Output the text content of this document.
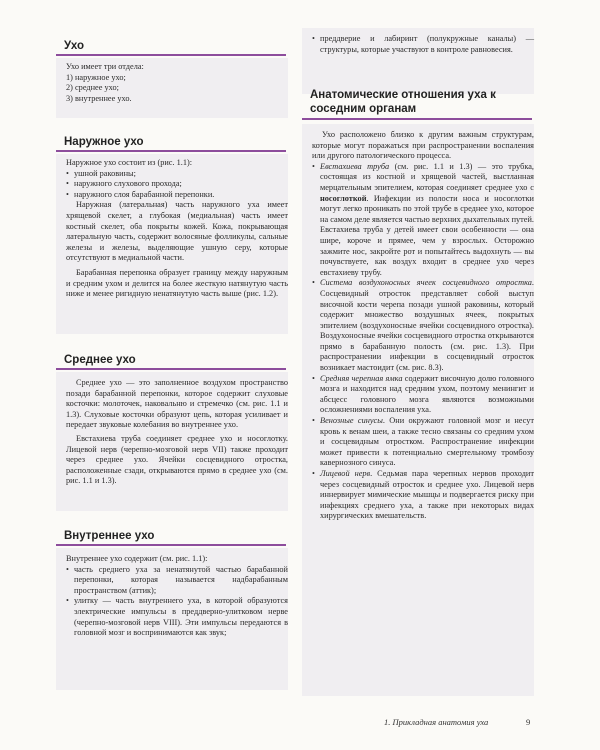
Ухо
Ухо имеет три отдела:
1) наружное ухо;
2) среднее ухо;
3) внутреннее ухо.
Наружное ухо

Наружное ухо состоит из (рис. 1.1):

• ушной раковины;
• наружного слухового прохода;
• наружного слоя барабанной перепонки.

Наружная (латеральная) часть наружного уха имеет хрящевой скелет, а глубокая (медиальная) часть имеет костный скелет, оба покрыты кожей. Кожа, покрывающая латеральную часть, содержит волосяные фолликулы, сальные железы и железы, выделяющие ушную серу, которые отсутствуют в медиальной части.

Барабанная перепонка образует границу между наружным и средним ухом и делится на более жесткую натянутую часть ниже и менее ригидную ненатянутую часть выше (рис. 1.2).

Среднее ухо

Среднее ухо — это заполненное воздухом пространство позади барабанной перепонки, которое содержит слуховые косточки: молоточек, наковальню и стремечко (см. рис. 1.1 и 1.3). Слуховые косточки образуют цепь, которая усиливает и передает звуковые колебания во внутреннее ухо.

Евстахиева труба соединяет среднее ухо и носоглотку. Лицевой нерв (черепно-мозговой нерв VII) также проходит через среднее ухо. Ячейки сосцевидного отростка, расположенные сзади, открываются прямо в среднее ухо (см. рис. 1.1 и 1.3).

Внутреннее ухо

Внутреннее ухо содержит (см. рис. 1.1):

• часть среднего уха за ненатянутой частью барабанной перепонки, которая называется надбарабанным пространством (аттик);
• улитку — часть внутреннего уха, в которой образуются электрические импульсы в преддверно-улитковом нерве (черепно-мозговой нерв VIII). Эти импульсы передаются в головной мозг и воспринимаются как звук;
• преддверие и лабиринт (полукружные каналы) — структуры, которые участвуют в контроле равновесия.
Анатомические отношения уха к соседним органам

Ухо расположено близко к другим важным структурам, которые могут поражаться при распространении воспаления или другого патологического процесса.

• Евстахиева труба (см. рис. 1.1 и 1.3) — это трубка, состоящая из костной и хрящевой частей, выстланная мерцательным эпителием, которая соединяет среднее ухо с носоглоткой. Инфекции из полости носа и носоглотки могут легко проникать по этой трубе в среднее ухо, которое на самом деле является частью верхних дыхательных путей. Евстахиева труба у детей имеет свои особенности — она шире, короче и прямее, чем у взрослых. Осторожно зажмите нос, закройте рот и попытайтесь выдохнуть — вы почувствуете, как воздух входит в среднее ухо через евстахиеву трубу.
• Система воздухоносных ячеек сосцевидного отростка. Сосцевидный отросток представляет собой выступ височной кости черепа позади ушной раковины, который содержит множество воздушных ячеек, покрытых эпителием (воздухоносные ячейки сосцевидного отростка). Воздухоносные ячейки сосцевидного отростка открываются прямо в барабанную полость (см. рис. 1.3). При распространении инфекции в сосцевидный отросток возникает мастоидит (см. рис. 8.3).
• Средняя черепная ямка содержит височную долю головного мозга и находится над средним ухом, поэтому менингит и абсцесс головного мозга являются возможными осложнениями воспаления уха.
• Венозные синусы. Они окружают головной мозг и несут кровь к венам шеи, а также тесно связаны со средним ухом и сосцевидным отростком. Распространение инфекции может привести к потенциально смертельному тромбозу кавернозного синуса.
• Лицевой нерв. Седьмая пара черепных нервов проходит через сосцевидный отросток и среднее ухо. Лицевой нерв иннервирует мимические мышцы и подвергается риску при инфекциях среднего уха, а также при некоторых видах хирургических вмешательств.
1. Прикладная анатомия уха	9
